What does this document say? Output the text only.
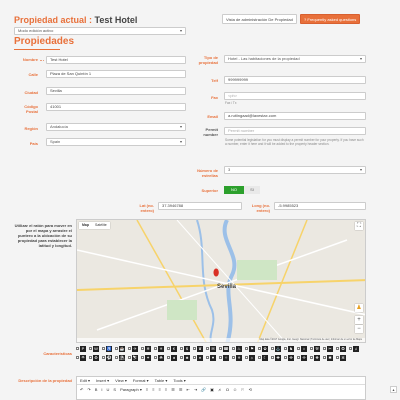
Propiedad actual : Test Hotel	Vista de administración De Propiedad	? Frequently asked questions
Modo edición activo	▾
Propiedades
Nombre	Test Hotel
Calle	Plaza de San Quintín 1
Ciudad	Sevilla
Código Postal
41001
Región	Andalucía	▾
País	Spain	▾
Tipo de propiedad
Hotel - Las habitaciones de la propiedad	▾
Telf	999999999
Fax	<ph>
Fax / Tx
Email	a.rutiingaad@laxestax.com
Permit number
Permit number
Some potential legislation for you must display a permit number for your property. If you have such a number, enter it here and it will be added to the property header section.
Número de estrellas
3	▾
Superior	NO	SI
Lat (no. entero)
37.3946788	Long (no. entero)
-5.9985523
Utilizar el ratón para mover en por el mapa y arrastre el puntero a la ubicación de su propiedad para establecer la latitud y longitud.
Map	Satélite
⬮
Sevilla
⛶
♟
+
−
Map data ©2017 Google, Inst. Geogr. Nacional | Términos de uso | Informar de un error de Maps
Características
P	W ♿ ☕	✈	❄	☀	€	$	♛	✉	☎	♨	⚑	✿	⚓	♞	⌂	⚒	✂	✪	♫
☂	♻	⚽ ⛱ ⛷	✦	☘	♠	♣	♦	♥	✧	⚜	☼	☾	✚	✜	✢	❖	✱	✲
Descripción de la propiedad Edit ▾ Insert ▾ View ▾ Format ▾ Table ▾ Tools ▾
↶ ↷ B I U S Paragraph ▾ ≡ ≡ ≡ ≡ ☰ ☰ ⇤ ⇥ 🔗 ▣ ♬ Ω ☺ ⚐ ⟲	▴
